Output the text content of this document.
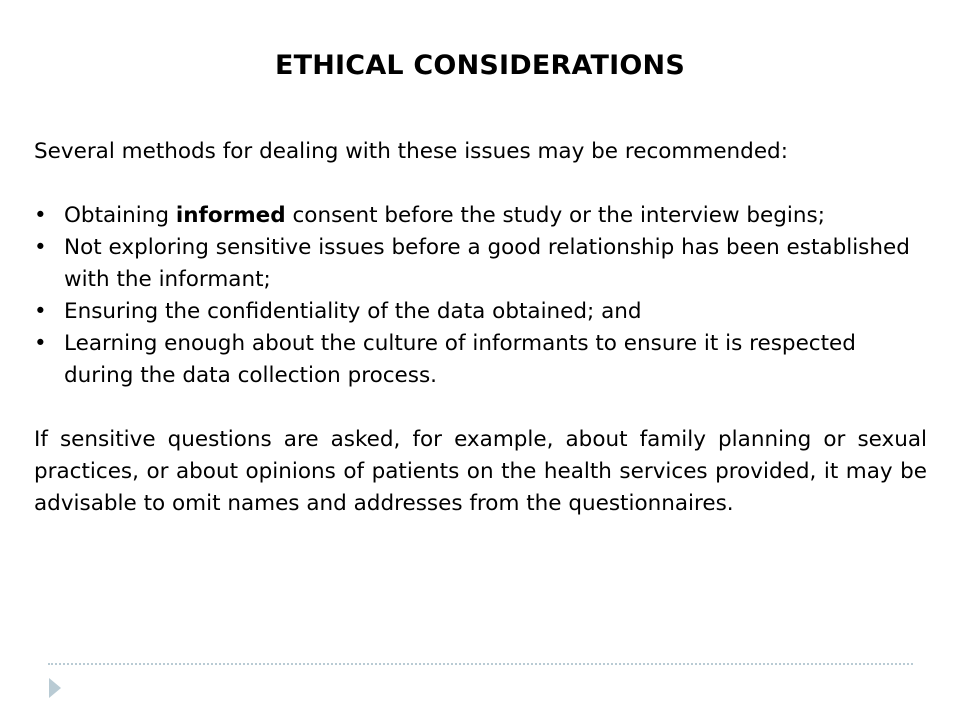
ETHICAL CONSIDERATIONS

Several methods for dealing with these issues may be recommended:

• Obtaining informed consent before the study or the interview begins;
• Not exploring sensitive issues before a good relationship has been established with the informant;
• Ensuring the confidentiality of the data obtained; and
• Learning enough about the culture of informants to ensure it is respected during the data collection process.

If sensitive questions are asked, for example, about family planning or sexual practices, or about opinions of patients on the health services provided, it may be advisable to omit names and addresses from the questionnaires.
